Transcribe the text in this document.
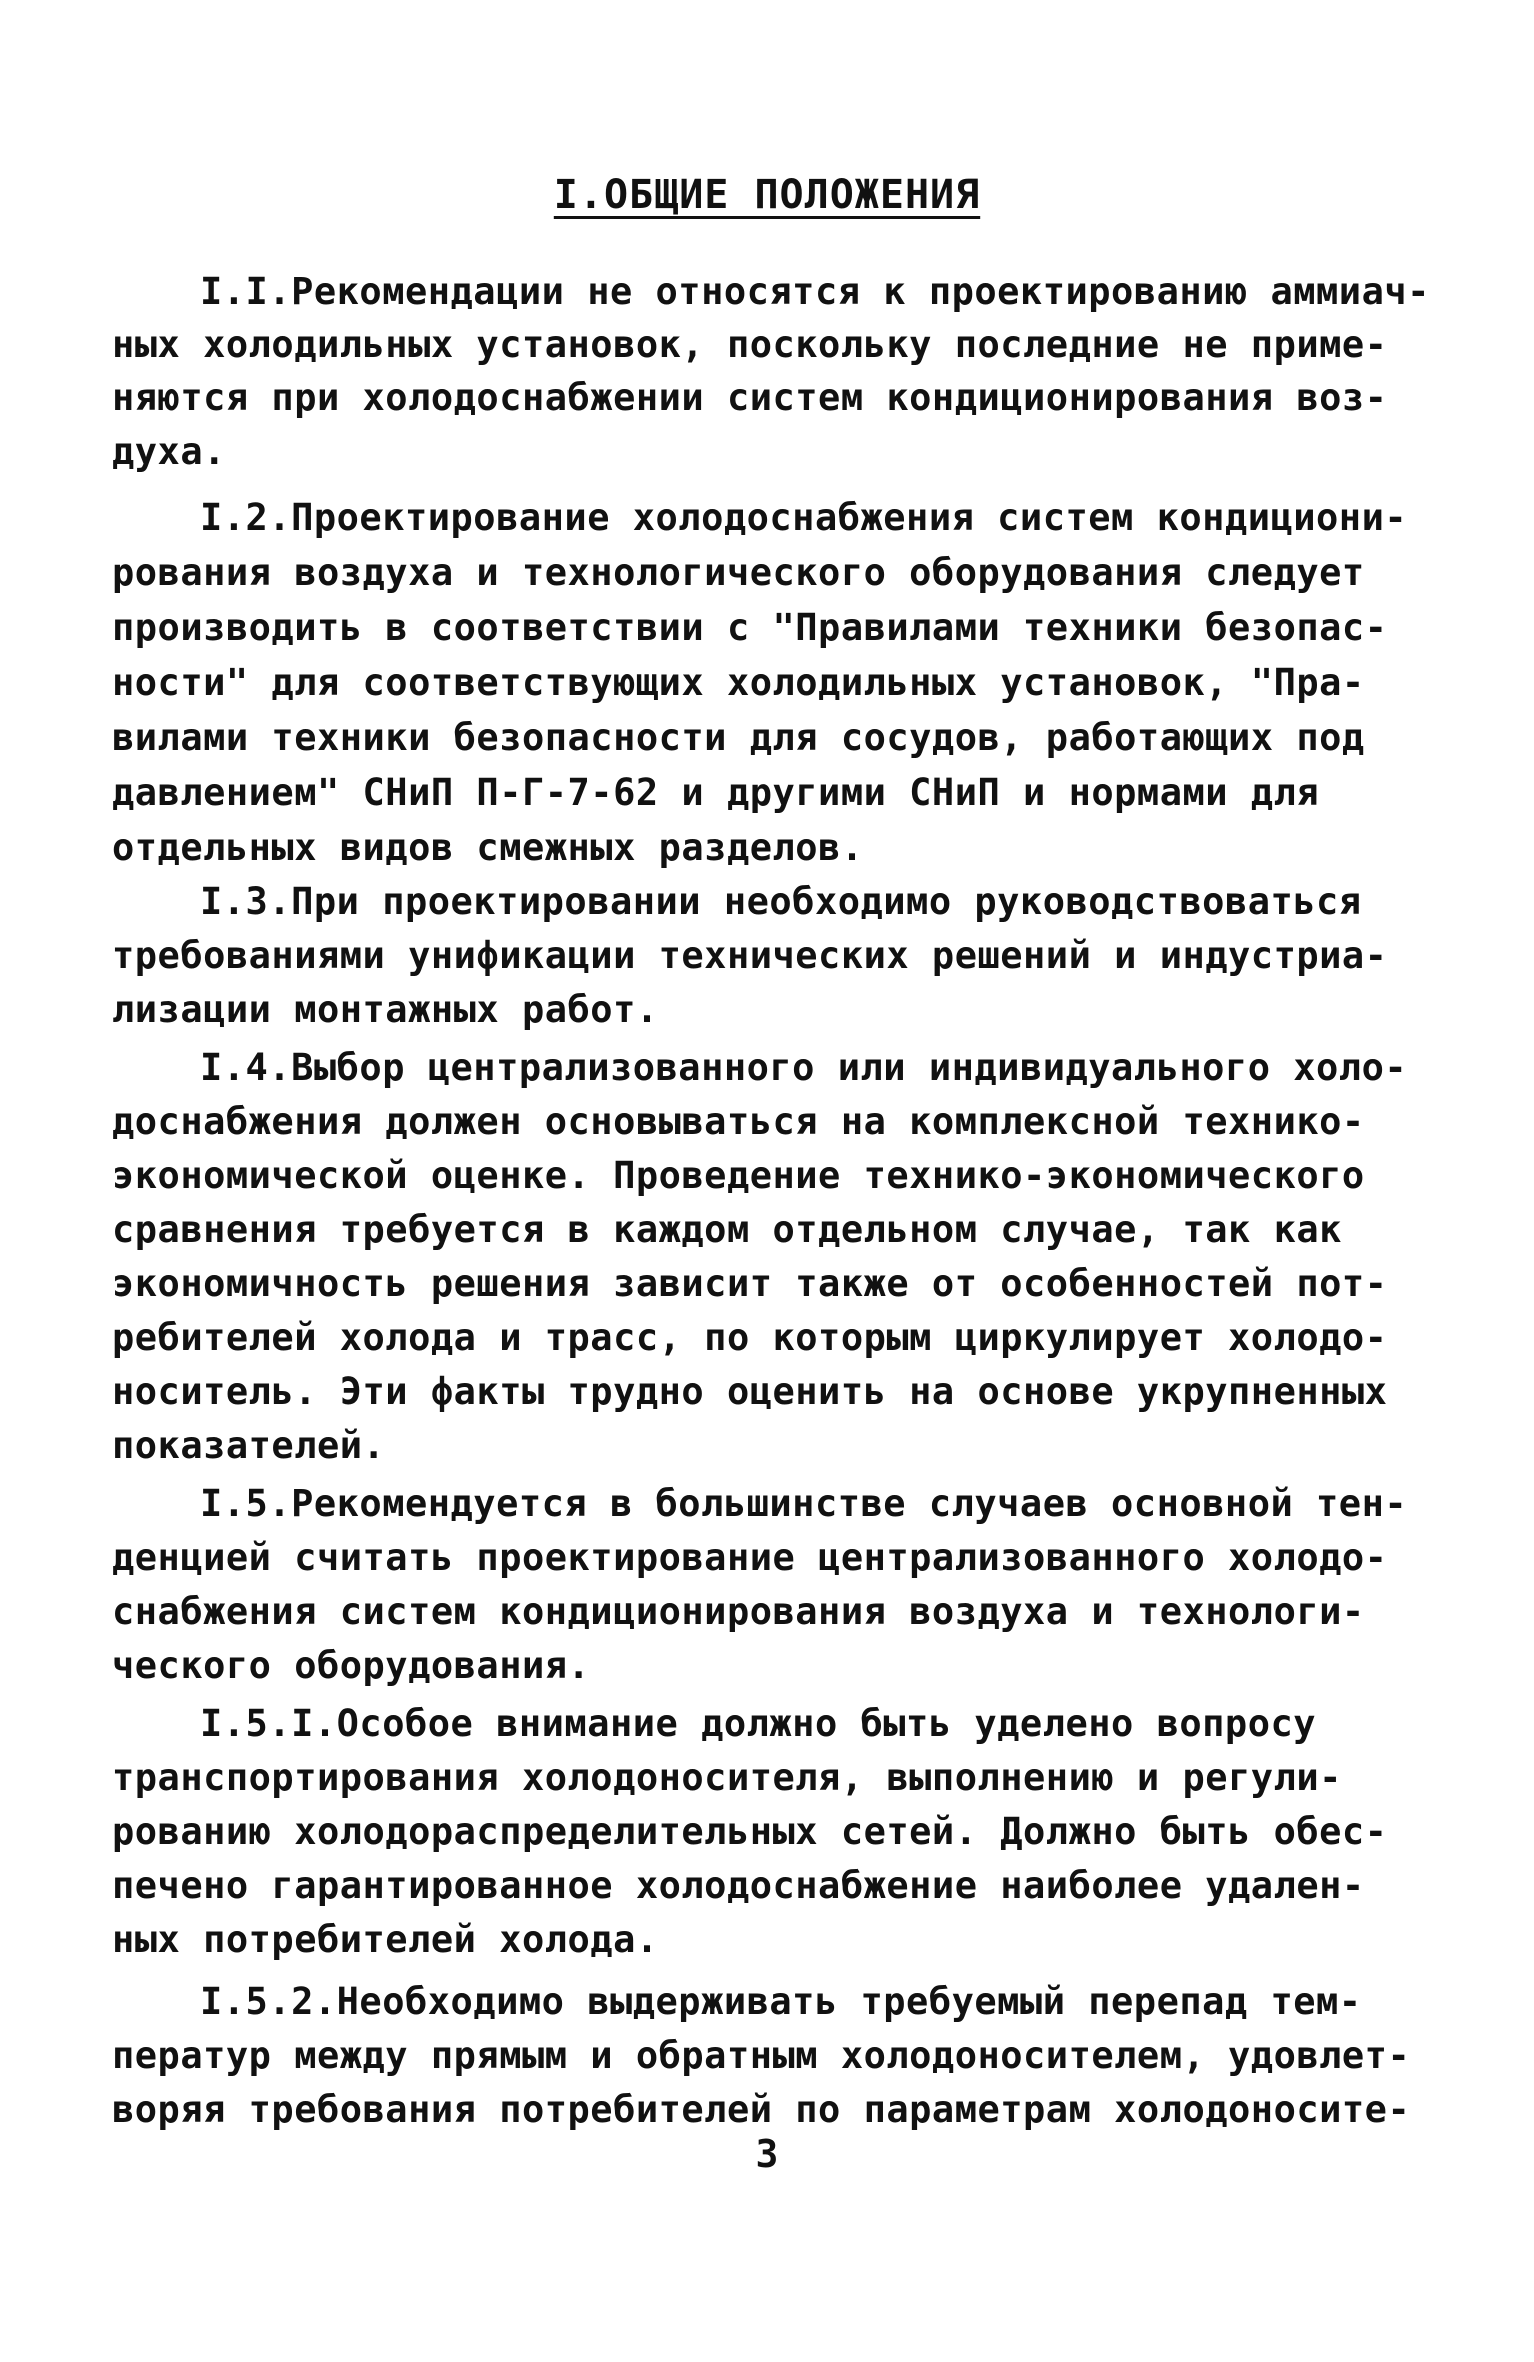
I.ОБЩИЕ ПОЛОЖЕНИЯ
I.I.Рекомендации не относятся к проектированию аммиач-
ных холодильных установок, поскольку последние не приме-
няются при холодоснабжении систем кондиционирования воз-
духа.
I.2.Проектирование холодоснабжения систем кондициони-
рования воздуха и технологического оборудования следует
производить в соответствии с "Правилами техники безопас-
ности" для соответствующих холодильных установок, "Пра-
вилами техники безопасности для сосудов, работающих под
давлением" СНиП П-Г-7-62 и другими СНиП и нормами для
отдельных видов смежных разделов.
I.3.При проектировании необходимо руководствоваться
требованиями унификации технических решений и индустриа-
лизации монтажных работ.
I.4.Выбор централизованного или индивидуального холо-
доснабжения должен основываться на комплексной технико-
экономической оценке. Проведение технико-экономического
сравнения требуется в каждом отдельном случае, так как
экономичность решения зависит также от особенностей пот-
ребителей холода и трасс, по которым циркулирует холодо-
носитель. Эти факты трудно оценить на основе укрупненных
показателей.
I.5.Рекомендуется в большинстве случаев основной тен-
денцией считать проектирование централизованного холодо-
снабжения систем кондиционирования воздуха и технологи-
ческого оборудования.
I.5.I.Особое внимание должно быть уделено вопросу
транспортирования холодоносителя, выполнению и регули-
рованию холодораспределительных сетей. Должно быть обес-
печено гарантированное холодоснабжение наиболее удален-
ных потребителей холода.
I.5.2.Необходимо выдерживать требуемый перепад тем-
ператур между прямым и обратным холодоносителем, удовлет-
воряя требования потребителей по параметрам холодоносите-
3
